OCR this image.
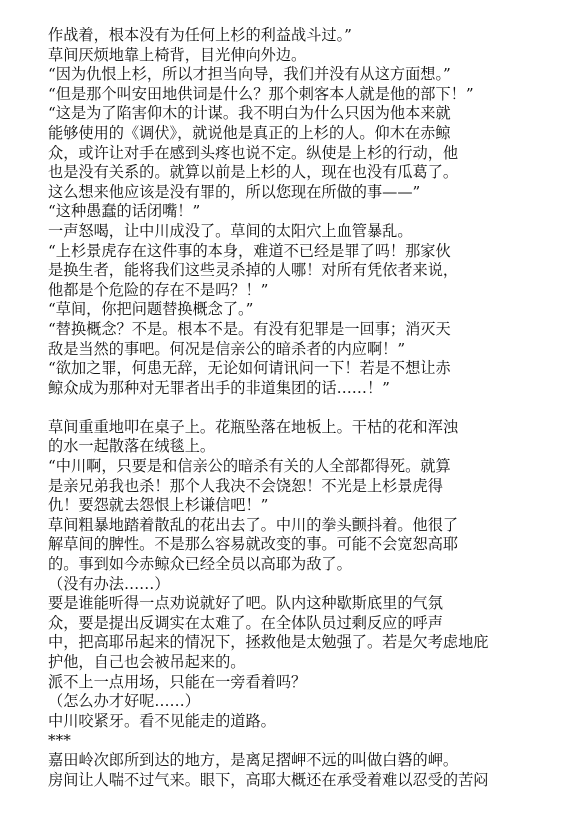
作战着，根本没有为任何上杉的利益战斗过。”
草间厌烦地靠上椅背，目光伸向外边。
“因为仇恨上杉，所以才担当向导，我们并没有从这方面想。”
“但是那个叫安田地供词是什么？那个刺客本人就是他的部下！”
“这是为了陷害仰木的计谋。我不明白为什么只因为他本来就
能够使用的《调伏》，就说他是真正的上杉的人。仰木在赤鲸
众，或许让对手在感到头疼也说不定。纵使是上杉的行动，他
也是没有关系的。就算以前是上杉的人，现在也没有瓜葛了。
这么想来他应该是没有罪的，所以您现在所做的事——”
“这种愚蠢的话闭嘴！”
一声怒喝，让中川成没了。草间的太阳穴上血管暴乱。
“上杉景虎存在这件事的本身，难道不已经是罪了吗！那家伙
是换生者，能将我们这些灵杀掉的人哪！对所有凭依者来说，
他都是个危险的存在不是吗？！”
“草间，你把问题替换概念了。”
“替换概念？不是。根本不是。有没有犯罪是一回事；消灭天
敌是当然的事吧。何况是信亲公的暗杀者的内应啊！”
“欲加之罪，何患无辞，无论如何请讯问一下！若是不想让赤
鲸众成为那种对无罪者出手的非道集团的话……！”
草间重重地叩在桌子上。花瓶坠落在地板上。干枯的花和浑浊
的水一起散落在绒毯上。
“中川啊，只要是和信亲公的暗杀有关的人全部都得死。就算
是亲兄弟我也杀！那个人我决不会饶恕！不光是上杉景虎得
仇！要怨就去怨恨上杉谦信吧！”
草间粗暴地踏着散乱的花出去了。中川的拳头颤抖着。他很了
解草间的脾性。不是那么容易就改变的事。可能不会宽恕高耶
的。事到如今赤鲸众已经全员以高耶为敌了。
（没有办法……）
要是谁能听得一点劝说就好了吧。队内这种歇斯底里的气氛
众，要是提出反调实在太难了。在全体队员过剩反应的呼声
中，把高耶吊起来的情况下，拯救他是太勉强了。若是欠考虑地庇
护他，自己也会被吊起来的。
派不上一点用场，只能在一旁看着吗？
（怎么办才好呢……）
中川咬紧牙。看不见能走的道路。
***
嘉田岭次郎所到达的地方，是离足摺岬不远的叫做白碆的岬。
房间让人喘不过气来。眼下，高耶大概还在承受着难以忍受的苦闷
